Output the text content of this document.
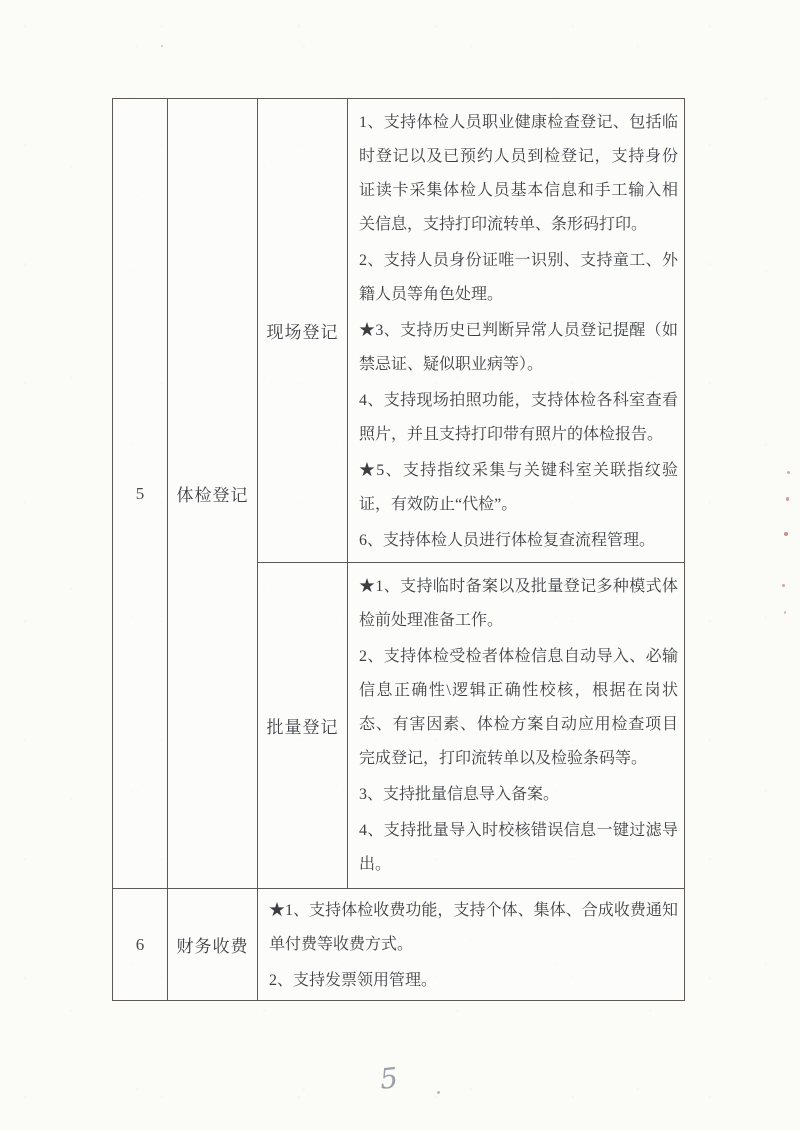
5 体检登记
现场登记

1、支持体检人员职业健康检查登记、包括临时登记以及已预约人员到检登记，支持身份证读卡采集体检人员基本信息和手工输入相关信息，支持打印流转单、条形码打印。

2、支持人员身份证唯一识别、支持童工、外籍人员等角色处理。

★3、支持历史已判断异常人员登记提醒（如禁忌证、疑似职业病等）。

4、支持现场拍照功能，支持体检各科室查看照片，并且支持打印带有照片的体检报告。

★5、支持指纹采集与关键科室关联指纹验证，有效防止“代检”。

6、支持体检人员进行体检复查流程管理。

批量登记

★1、支持临时备案以及批量登记多种模式体检前处理准备工作。

2、支持体检受检者体检信息自动导入、必输信息正确性\逻辑正确性校核，根据在岗状态、有害因素、体检方案自动应用检查项目完成登记，打印流转单以及检验条码等。

3、支持批量信息导入备案。

4、支持批量导入时校核错误信息一键过滤导出。

6 财务收费

★1、支持体检收费功能，支持个体、集体、合成收费通知单付费等收费方式。

2、支持发票领用管理。

5
